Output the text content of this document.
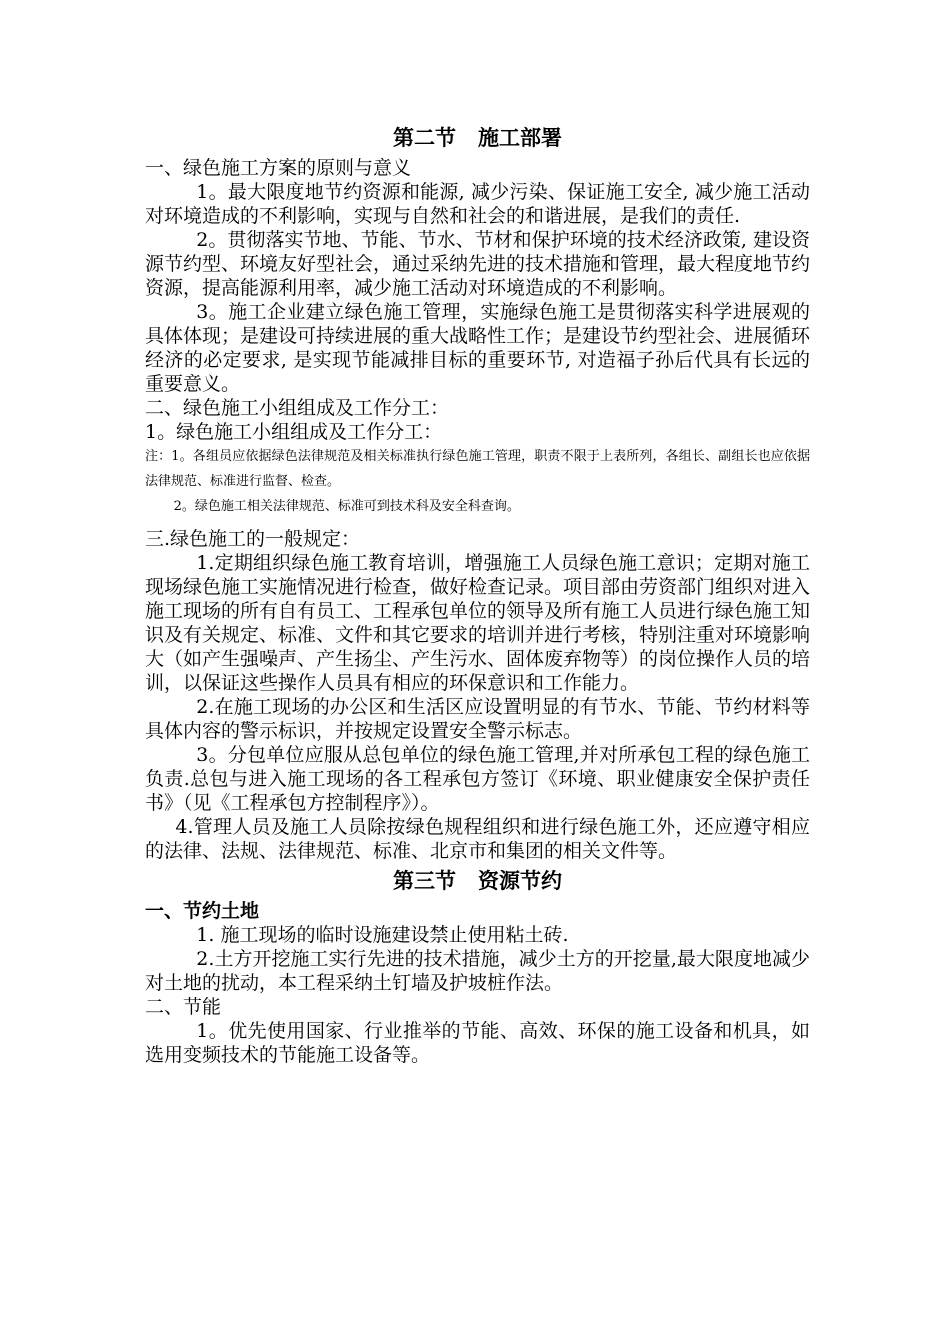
第二节   施工部署

一、绿色施工方案的原则与意义

1。最大限度地节约资源和能源, 减少污染、保证施工安全, 减少施工活动对环境造成的不利影响，实现与自然和社会的和谐进展，是我们的责任.

2。贯彻落实节地、节能、节水、节材和保护环境的技术经济政策, 建设资源节约型、环境友好型社会，通过采纳先进的技术措施和管理，最大程度地节约资源，提高能源利用率，减少施工活动对环境造成的不利影响。

3。施工企业建立绿色施工管理，实施绿色施工是贯彻落实科学进展观的具体体现；是建设可持续进展的重大战略性工作；是建设节约型社会、进展循环经济的必定要求, 是实现节能减排目标的重要环节, 对造福子孙后代具有长远的重要意义。

二、绿色施工小组组成及工作分工：

1。绿色施工小组组成及工作分工：

注：1。各组员应依据绿色法律规范及相关标准执行绿色施工管理，职责不限于上表所列，各组长、副组长也应依据法律规范、标准进行监督、检查。

2。绿色施工相关法律规范、标准可到技术科及安全科查询。

三.绿色施工的一般规定：

1.定期组织绿色施工教育培训，增强施工人员绿色施工意识；定期对施工现场绿色施工实施情况进行检查，做好检查记录。项目部由劳资部门组织对进入施工现场的所有自有员工、工程承包单位的领导及所有施工人员进行绿色施工知识及有关规定、标准、文件和其它要求的培训并进行考核，特别注重对环境影响大（如产生强噪声、产生扬尘、产生污水、固体废弃物等）的岗位操作人员的培训，以保证这些操作人员具有相应的环保意识和工作能力。

2.在施工现场的办公区和生活区应设置明显的有节水、节能、节约材料等具体内容的警示标识，并按规定设置安全警示标志。

3。分包单位应服从总包单位的绿色施工管理,并对所承包工程的绿色施工负责.总包与进入施工现场的各工程承包方签订《环境、职业健康安全保护责任书》（见《工程承包方控制程序》）。

4.管理人员及施工人员除按绿色规程组织和进行绿色施工外，还应遵守相应的法律、法规、法律规范、标准、北京市和集团的相关文件等。

第三节   资源节约

一、节约土地

1. 施工现场的临时设施建设禁止使用粘土砖.

2.土方开挖施工实行先进的技术措施，减少土方的开挖量,最大限度地减少对土地的扰动，本工程采纳土钉墙及护坡桩作法。

二、节能

1。优先使用国家、行业推举的节能、高效、环保的施工设备和机具，如选用变频技术的节能施工设备等。
